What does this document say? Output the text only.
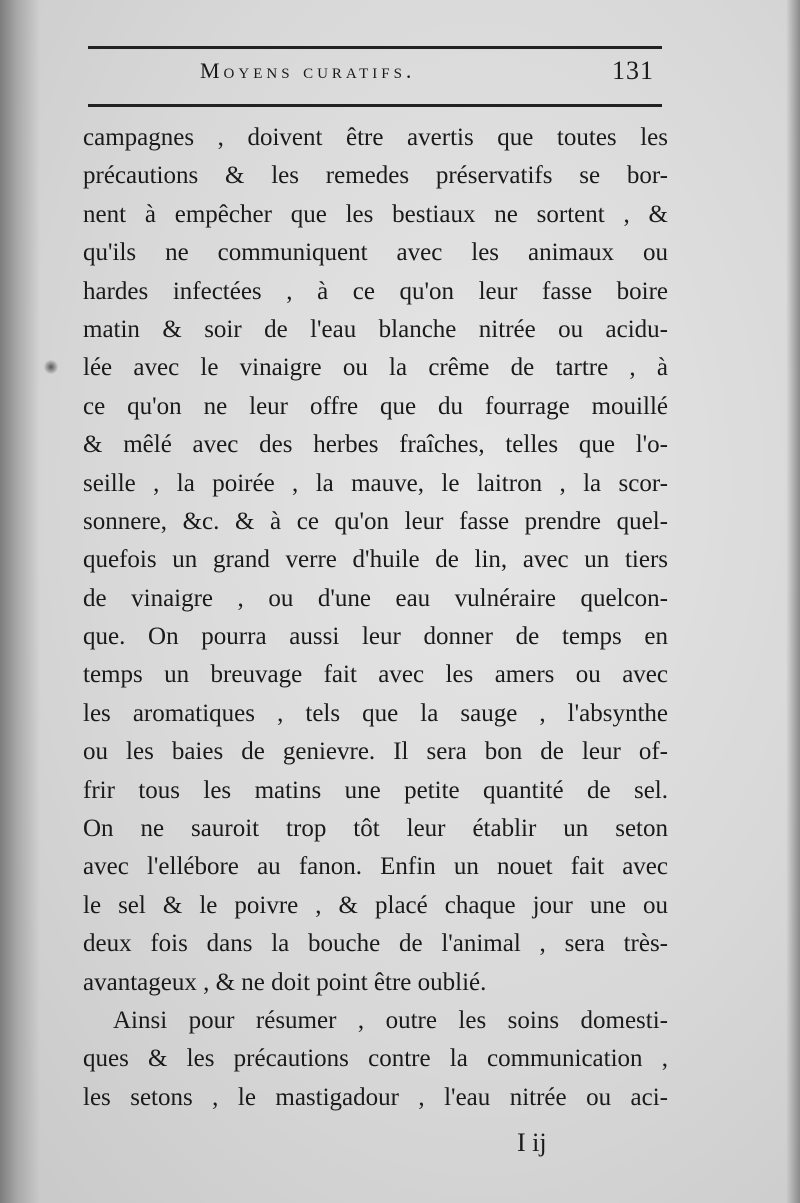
Moyens curatifs.	131
campagnes , doivent être avertis que toutes les
précautions & les remedes préservatifs se bor-
nent à empêcher que les bestiaux ne sortent , &
qu'ils ne communiquent avec les animaux ou
hardes infectées , à ce qu'on leur fasse boire
matin & soir de l'eau blanche nitrée ou acidu-
lée avec le vinaigre ou la crême de tartre , à
ce qu'on ne leur offre que du fourrage mouillé
& mêlé avec des herbes fraîches, telles que l'o-
seille , la poirée , la mauve, le laitron , la scor-
sonnere, &c. & à ce qu'on leur fasse prendre quel-
quefois un grand verre d'huile de lin, avec un tiers
de vinaigre , ou d'une eau vulnéraire quelcon-
que. On pourra aussi leur donner de temps en
temps un breuvage fait avec les amers ou avec
les aromatiques , tels que la sauge , l'absynthe
ou les baies de genievre. Il sera bon de leur of-
frir tous les matins une petite quantité de sel.
On ne sauroit trop tôt leur établir un seton
avec l'ellébore au fanon. Enfin un nouet fait avec
le sel & le poivre , & placé chaque jour une ou
deux fois dans la bouche de l'animal , sera très-
avantageux , & ne doit point être oublié.
Ainsi pour résumer , outre les soins domesti-
ques & les précautions contre la communication ,
les setons , le mastigadour , l'eau nitrée ou aci-
I ij
